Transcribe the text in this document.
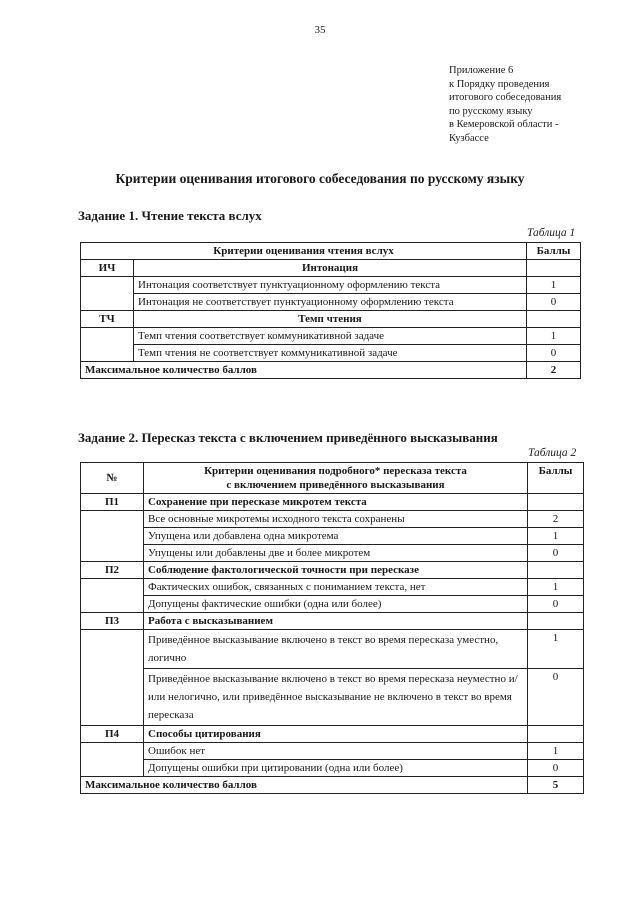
35
Приложение 6
к Порядку проведения
итогового собеседования
по русскому языку
в Кемеровской области -
Кузбассе
Критерии оценивания итогового собеседования по русскому языку
Задание 1. Чтение текста вслух
Таблица 1
Критерии оценивания чтения вслух		Баллы
ИЧ	Интонация	
	Интонация соответствует пунктуационному оформлению текста	1
	Интонация не соответствует пунктуационному оформлению текста	0
ТЧ	Темп чтения	
	Темп чтения соответствует коммуникативной задаче	1
	Темп чтения не соответствует коммуникативной задаче	0
Максимальное количество баллов		2
Задание 2. Пересказ текста с включением приведённого высказывания
Таблица 2
№	Критерии оценивания подробного* пересказа текста
с включением приведённого высказывания	Баллы
П1	Сохранение при пересказе микротем текста	
	Все основные микротемы исходного текста сохранены	2
	Упущена или добавлена одна микротема	1
	Упущены или добавлены две и более микротем	0
П2	Соблюдение фактологической точности при пересказе	
	Фактических ошибок, связанных с пониманием текста, нет	1
	Допущены фактические ошибки (одна или более)	0
П3	Работа с высказыванием	
	Приведённое высказывание включено в текст во время пересказа уместно, логично	1
	Приведённое высказывание включено в текст во время пересказа неуместно и/или нелогично, или приведённое высказывание не включено в текст во время пересказа	0
П4	Способы цитирования	
	Ошибок нет	1
	Допущены ошибки при цитировании (одна или более)	0
Максимальное количество баллов		5
